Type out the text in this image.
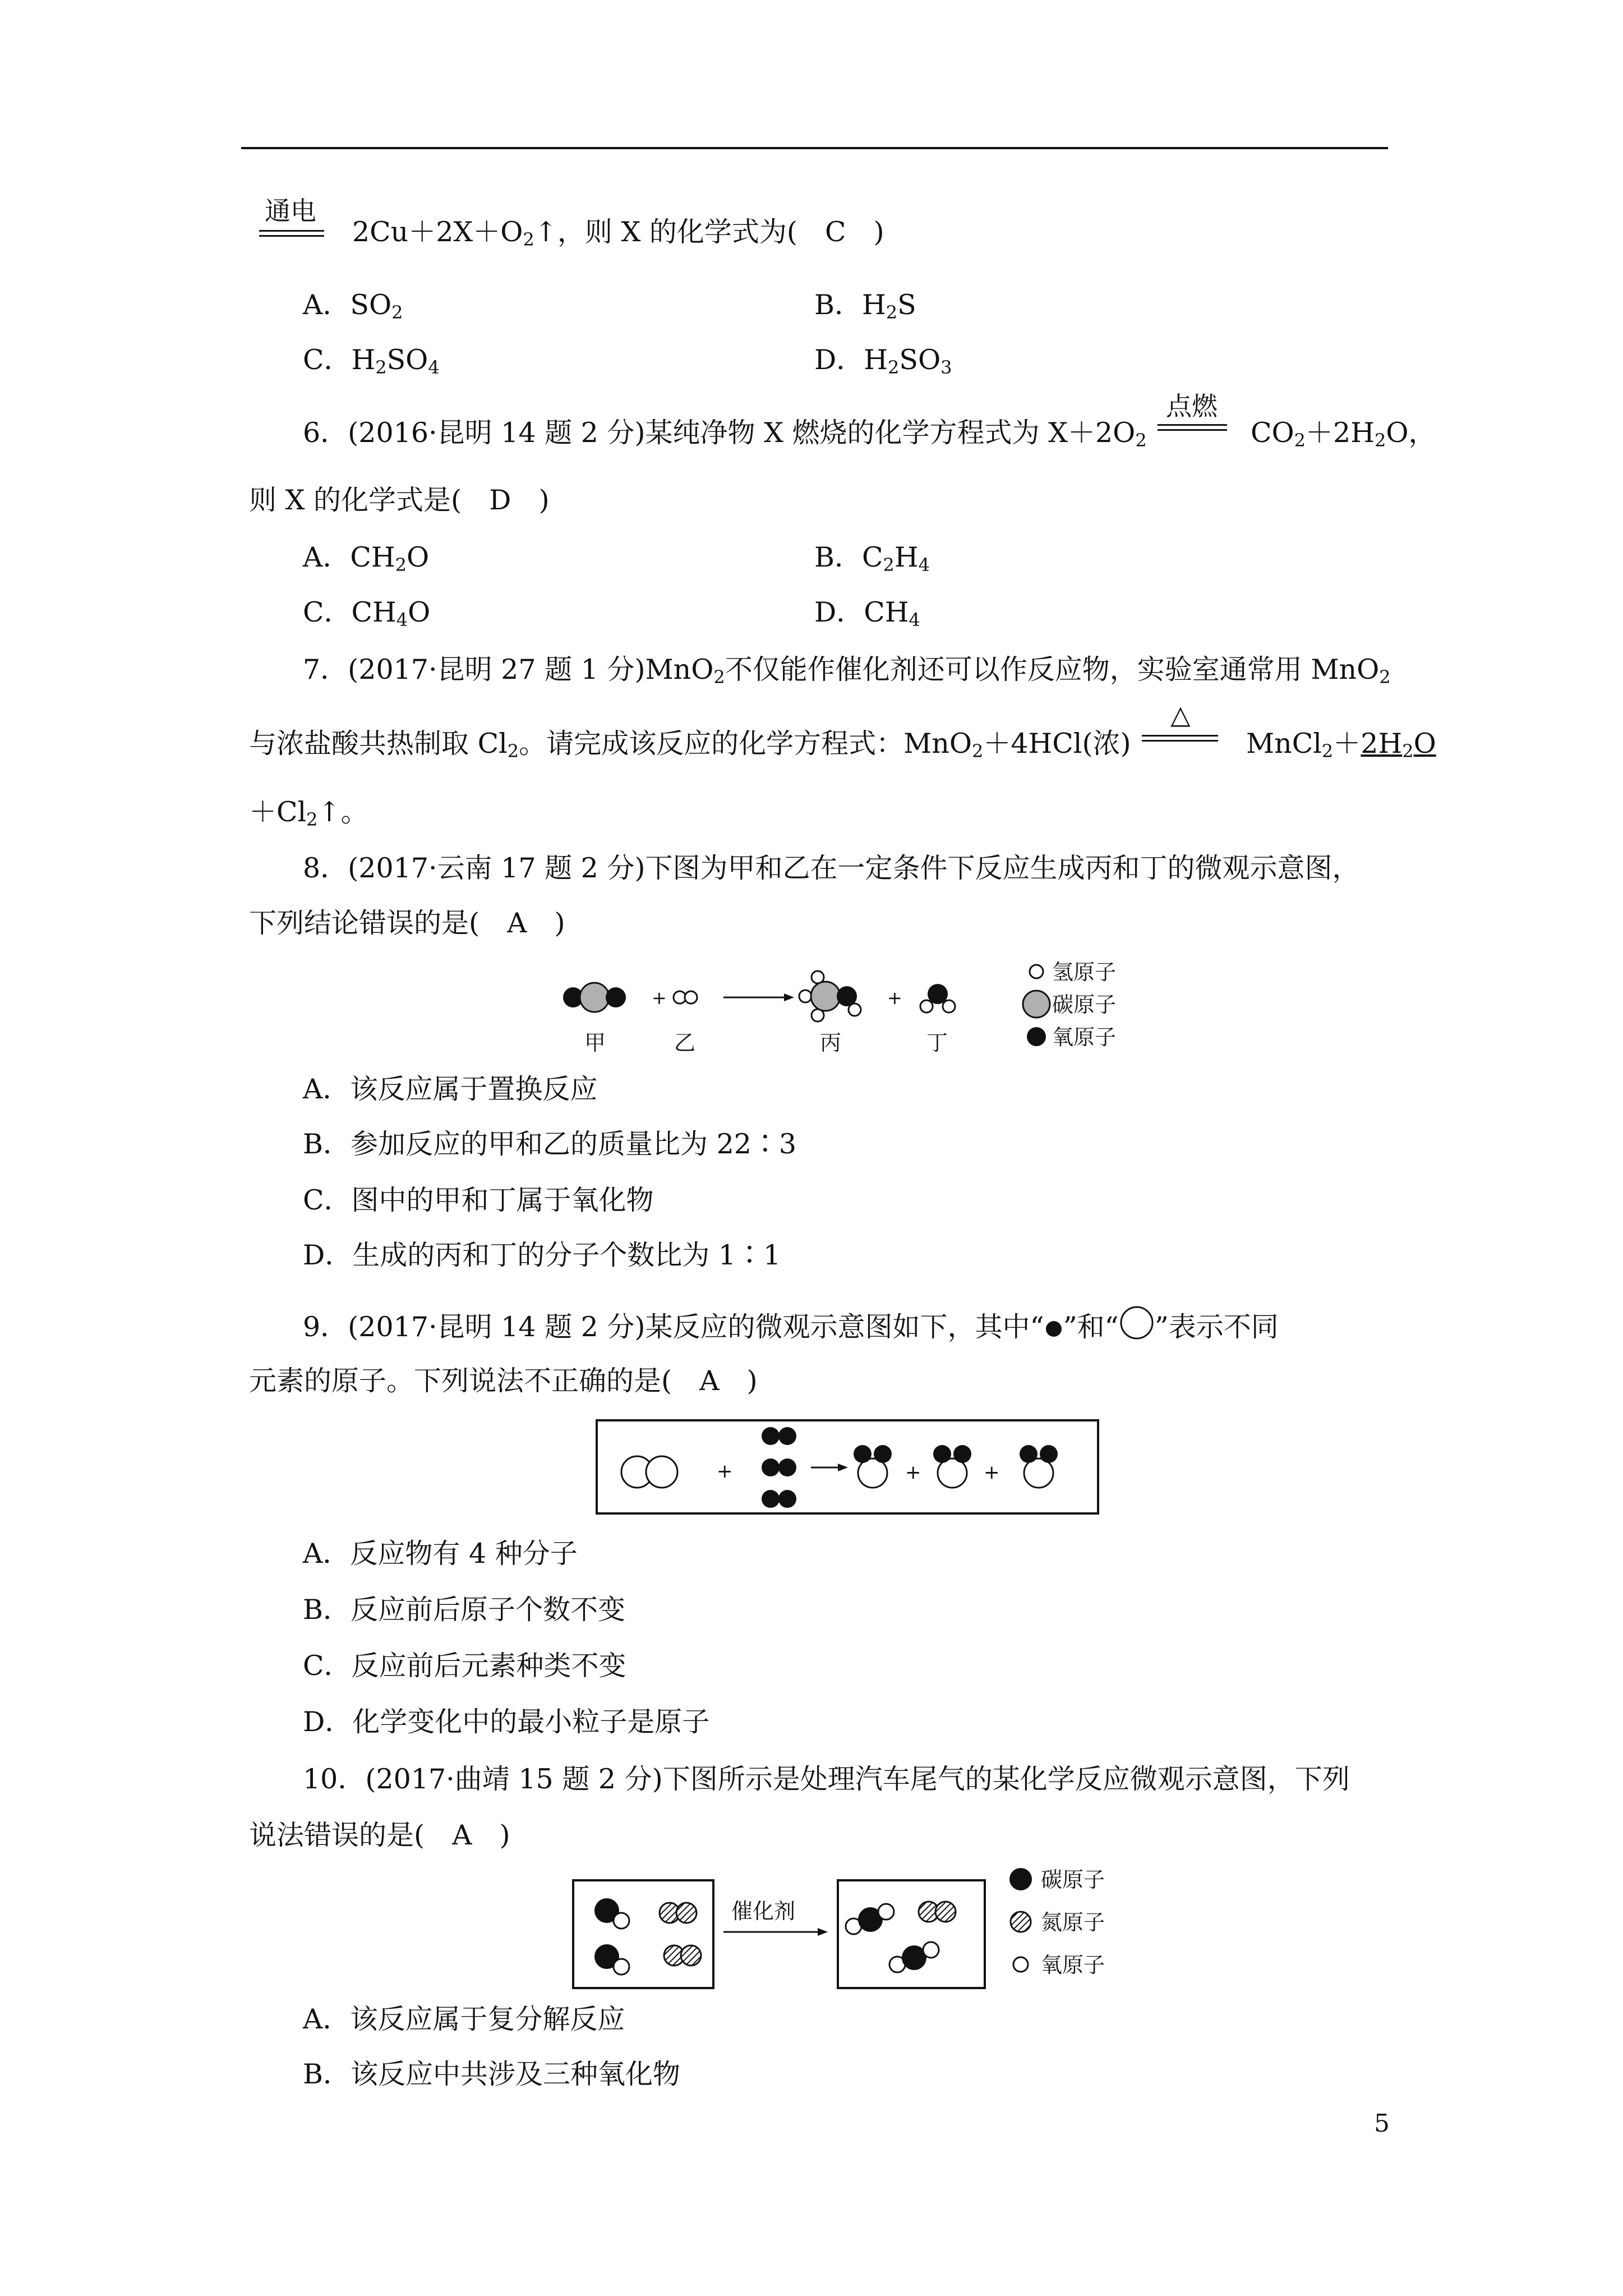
通电
$2Cu+2X+O_2↑$，则 X 的化学式为(　C　)
A．$SO_2$	B．$H_2S$
C．$H_2SO_4$	D．$H_2SO_3$
6．(2016·昆明 14 题 2 分)某纯净物 X 燃烧的化学方程式为 $X+2O_2$
点燃
$CO_2+2H_2O$，
则 X 的化学式是(　D　)
A．$CH_2O$	B．$C_2H_4$
C．$CH_4O$	D．$CH_4$
7．(2017·昆明 27 题 1 分)MnO$_2$不仅能作催化剂还可以作反应物，实验室通常用 MnO$_2$
与浓盐酸共热制取 $Cl_2$。请完成该反应的化学方程式：MnO$_2$＋4HCl(浓)
△
$MnCl_2+2H_2O$
$+Cl_2↑$。
8．(2017·云南 17 题 2 分)下图为甲和乙在一定条件下反应生成丙和丁的微观示意图，
下列结论错误的是(　A　)
+	+
甲	乙	丙	丁
氢原子
碳原子
氧原子
A．该反应属于置换反应
B．参加反应的甲和乙的质量比为 22∶3
C．图中的甲和丁属于氧化物
D．生成的丙和丁的分子个数比为 1∶1
9．(2017·昆明 14 题 2 分)某反应的微观示意图如下，其中“ ”和“ ”表示不同
元素的原子。下列说法不正确的是(　A　)
+	+	+
A．反应物有 4 种分子
B．反应前后原子个数不变
C．反应前后元素种类不变
D．化学变化中的最小粒子是原子
10．(2017·曲靖 15 题 2 分)下图所示是处理汽车尾气的某化学反应微观示意图，下列
说法错误的是(　A　)
催化剂
碳原子
氮原子
氧原子
A．该反应属于复分解反应
B．该反应中共涉及三种氧化物
5
